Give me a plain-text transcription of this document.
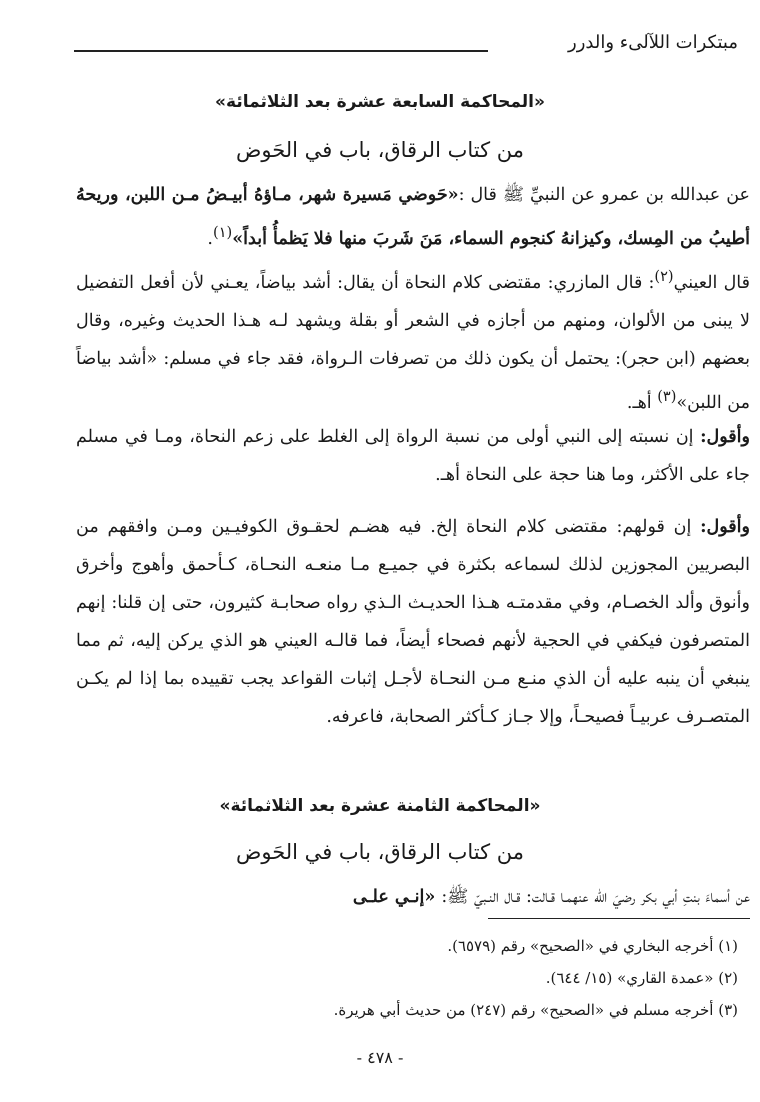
مبتكرات اللآلیء والدرر
«المحاكمة السابعة عشرة بعد الثلاثمائة»
من كتاب الرقاق، باب في الحَوض
عن عبدالله بن عمرو عن النبيِّ ﷺ قال :«حَوضي مَسيرة شهر، مـاؤهُ أبيـضُ مـن اللبن، وريحهُ أطيبُ من المِسك، وكيزانهُ كنجوم السماء، مَنَ شَربَ منها فلا يَظمأُ أبداً»$^{(١)}$.
قال العيني$^{(٢)}$: قال المازري: مقتضى كلام النحاة أن يقال: أشد بياضاً، يعـني لأن أفعل التفضيل لا يبنى من الألوان، ومنهم من أجازه في الشعر أو بقلة ويشهد لـه هـذا الحديث وغيره، وقال بعضهم (ابن حجر): يحتمل أن يكون ذلك من تصرفات الـرواة، فقد جاء في مسلم: «أشد بياضاً من اللبن»$^{(٣)}$ أهـ.
وأقول: إن نسبته إلى النبي أولى من نسبة الرواة إلى الغلط على زعم النحاة، ومـا في مسلم جاء على الأكثر، وما هنا حجة على النحاة أهـ.
وأقول: إن قولهم: مقتضى كلام النحاة إلخ. فيه هضـم لحقـوق الكوفيـين ومـن وافقهم من البصريين المجوزين لذلك لسماعه بكثرة في جميـع مـا منعـه النحـاة، كـأحمق وأهوج وأخرق وأنوق وألد الخصـام، وفي مقدمتـه هـذا الحديـث الـذي رواه صحابـة كثيرون، حتى إن قلنا: إنهم المتصرفون فيكفي في الحجية لأنهم فصحاء أيضاً، فما قالـه العيني هو الذي يركن إليه، ثم مما ينبغي أن ينبه عليه أن الذي منـع مـن النحـاة لأجـل إثبات القواعد يجب تقييده بما إذا لم يكـن المتصـرف عربيـاً فصيحـاً، وإلا جـاز كـأكثر الصحابة، فاعرفه.
«المحاكمة الثامنة عشرة بعد الثلاثمائة»
من كتاب الرقاق، باب في الحَوض
عن أسماءَ بنتِ أبي بكر رضيَ الله عنهمـا قـالت: قـال النـبيّ ﷺ: «إنـي علـى
(١) أخرجه البخاري في «الصحيح» رقم (٦٥٧٩).
(٢) «عمدة القاري» (١٥/ ٦٤٤).
(٣) أخرجه مسلم في «الصحيح» رقم (٢٤٧) من حديث أبي هريرة.
- ٤٧٨ -
